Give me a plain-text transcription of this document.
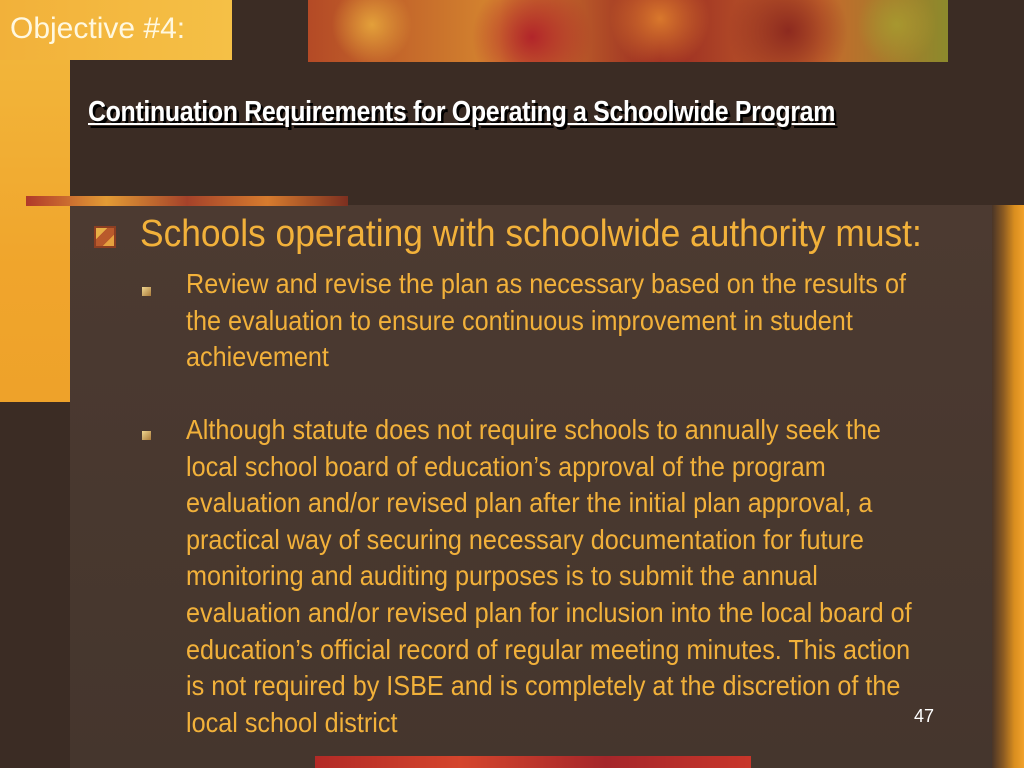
Objective #4:
Continuation Requirements for Operating a Schoolwide Program
Schools operating with schoolwide authority must:
Review and revise the plan as necessary based on the results of
the evaluation to ensure continuous improvement in student
achievement
Although statute does not require schools to annually seek the
local school board of education’s approval of the program
evaluation and/or revised plan after the initial plan approval, a
practical way of securing necessary documentation for future
monitoring and auditing purposes is to submit the annual
evaluation and/or revised plan for inclusion into the local board of
education’s official record of regular meeting minutes. This action
is not required by ISBE and is completely at the discretion of the
local school district	47
